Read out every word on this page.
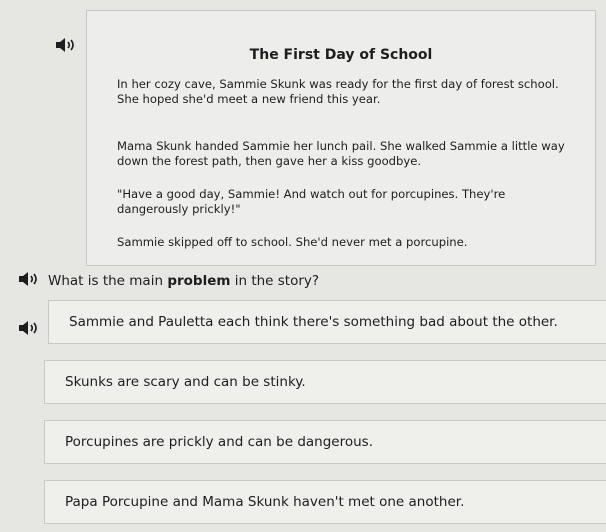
The First Day of School

In her cozy cave, Sammie Skunk was ready for the first day of forest school. She hoped she'd meet a new friend this year.

Mama Skunk handed Sammie her lunch pail. She walked Sammie a little way down the forest path, then gave her a kiss goodbye.

"Have a good day, Sammie! And watch out for porcupines. They're dangerously prickly!"

Sammie skipped off to school. She'd never met a porcupine.

What is the main problem in the story?
Sammie and Pauletta each think there's something bad about the other.
Skunks are scary and can be stinky.
Porcupines are prickly and can be dangerous.
Papa Porcupine and Mama Skunk haven't met one another.
